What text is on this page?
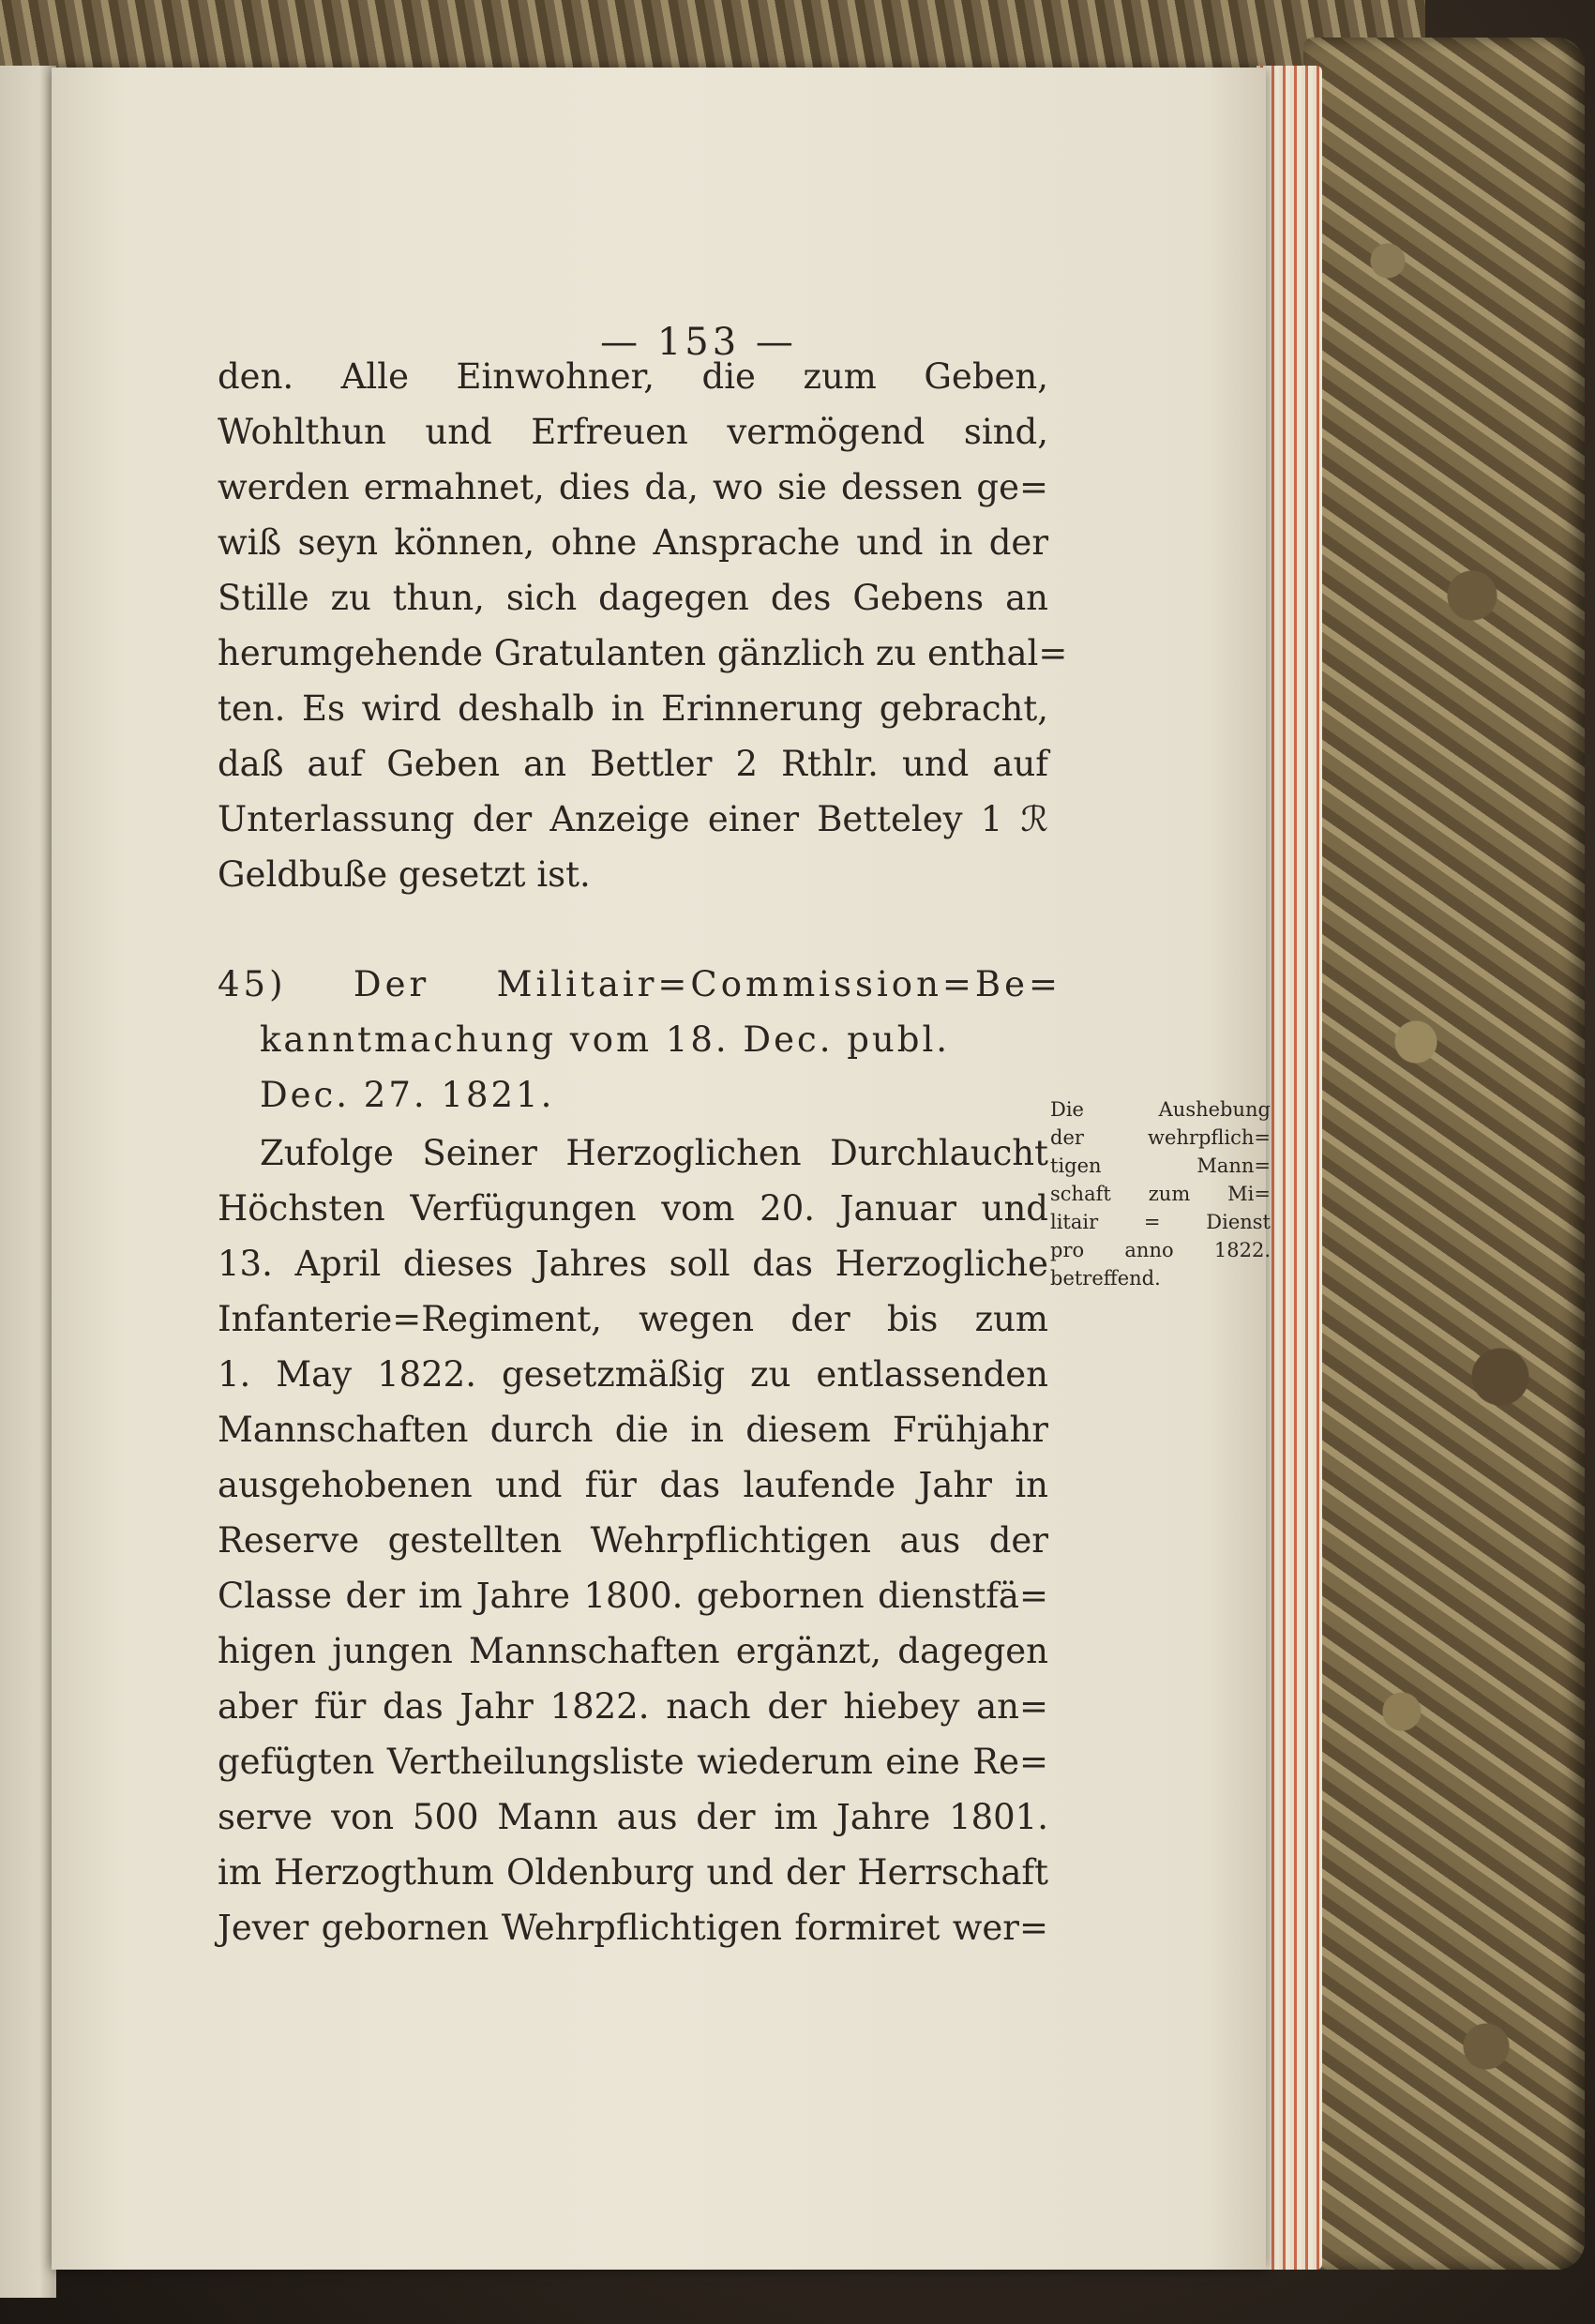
— 153 —
den. Alle Einwohner, die zum Geben,
Wohlthun und Erfreuen vermögend sind,
werden ermahnet, dies da, wo sie dessen ge=
wiß seyn können, ohne Ansprache und in der
Stille zu thun, sich dagegen des Gebens an
herumgehende Gratulanten gänzlich zu enthal=
ten. Es wird deshalb in Erinnerung gebracht,
daß auf Geben an Bettler 2 Rthlr. und auf
Unterlassung der Anzeige einer Betteley 1 ℛ
Geldbuße gesetzt ist.
45) Der Militair=Commission=Be=
kanntmachung vom 18. Dec. publ.
Dec. 27. 1821.
Zufolge Seiner Herzoglichen Durchlaucht
Höchsten Verfügungen vom 20. Januar und
13. April dieses Jahres soll das Herzogliche
Infanterie=Regiment, wegen der bis zum
1. May 1822. gesetzmäßig zu entlassenden
Mannschaften durch die in diesem Frühjahr
ausgehobenen und für das laufende Jahr in
Reserve gestellten Wehrpflichtigen aus der
Classe der im Jahre 1800. gebornen dienstfä=
higen jungen Mannschaften ergänzt, dagegen
aber für das Jahr 1822. nach der hiebey an=
gefügten Vertheilungsliste wiederum eine Re=
serve von 500 Mann aus der im Jahre 1801.
im Herzogthum Oldenburg und der Herrschaft
Jever gebornen Wehrpflichtigen formiret wer=
Die Aushebung
der wehrpflich=
tigen Mann=
schaft zum Mi=
litair = Dienst
pro anno 1822.
betreffend.
